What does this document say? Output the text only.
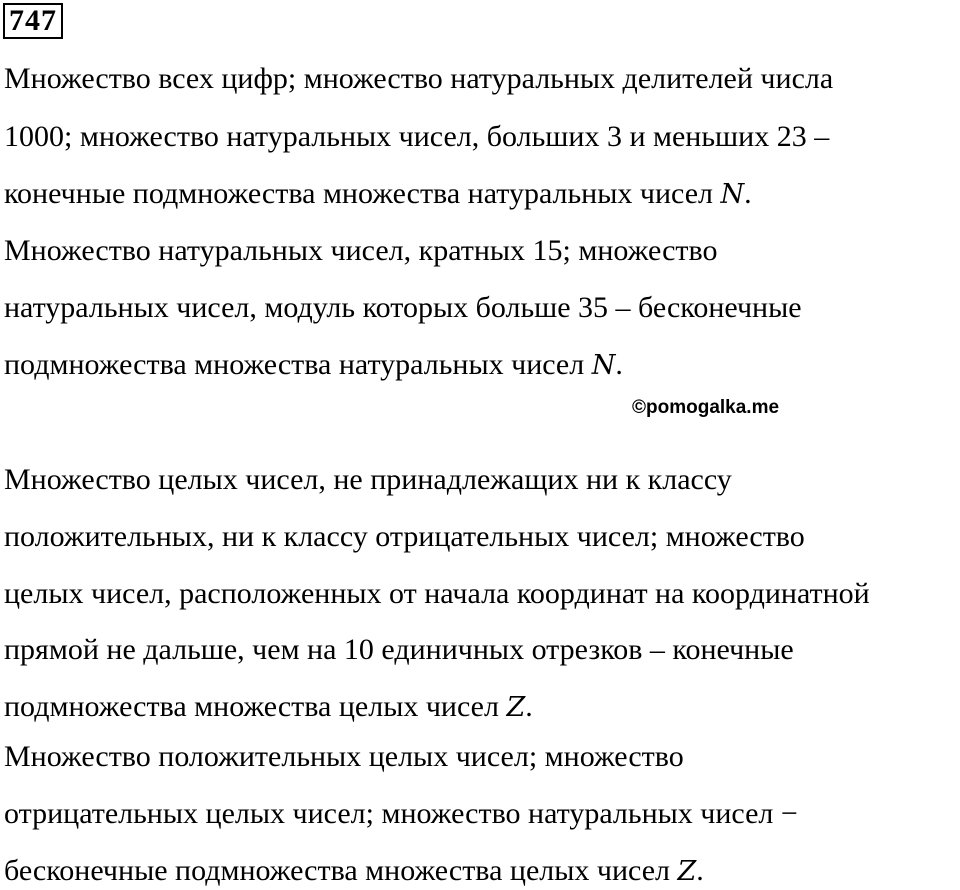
747
Множество всех цифр; множество натуральных делителей числа
1000; множество натуральных чисел, больших 3 и меньших 23 –
конечные подмножества множества натуральных чисел N.
Множество натуральных чисел, кратных 15; множество
натуральных чисел, модуль которых больше 35 – бесконечные
подмножества множества натуральных чисел N.
©pomogalka.me
Множество целых чисел, не принадлежащих ни к классу
положительных, ни к классу отрицательных чисел; множество
целых чисел, расположенных от начала координат на координатной
прямой не дальше, чем на 10 единичных отрезков – конечные
подмножества множества целых чисел Z.
Множество положительных целых чисел; множество
отрицательных целых чисел; множество натуральных чисел −
бесконечные подмножества множества целых чисел Z.
